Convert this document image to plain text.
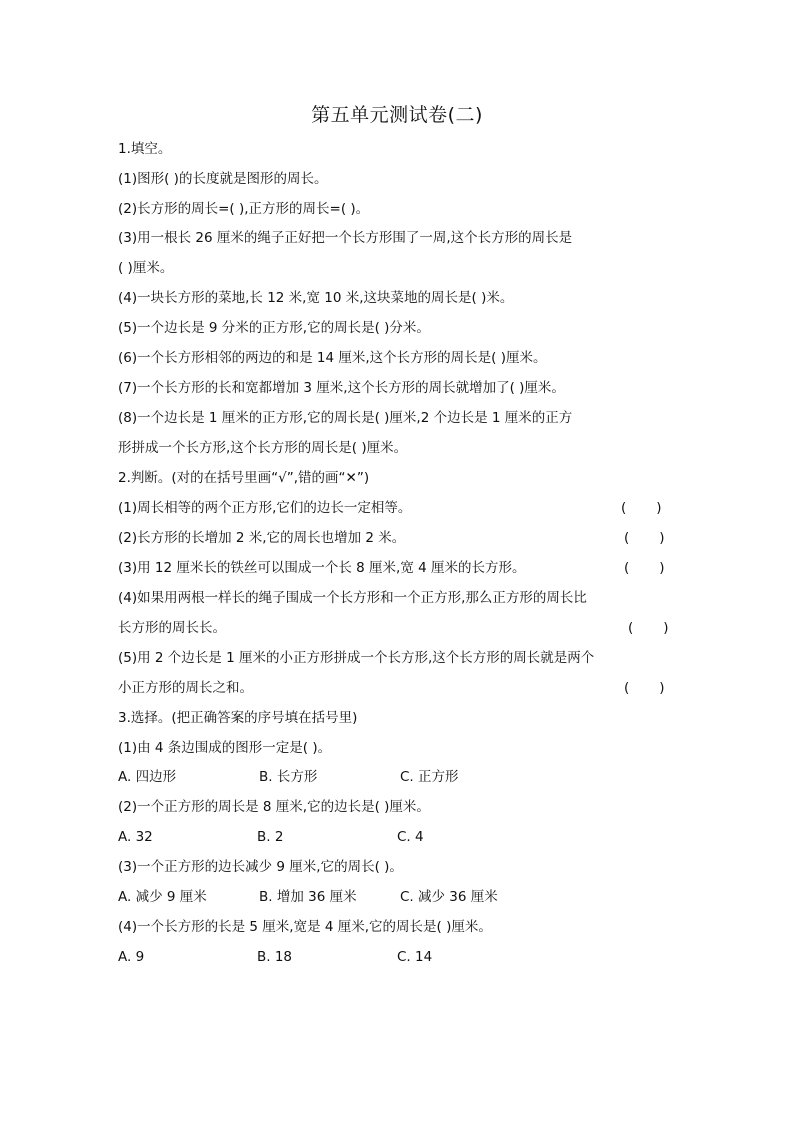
第五单元测试卷(二)
1.填空。
(1)图形( )的长度就是图形的周长。
(2)长方形的周长=( ),正方形的周长=( )。
(3)用一根长 26 厘米的绳子正好把一个长方形围了一周,这个长方形的周长是
( )厘米。
(4)一块长方形的菜地,长 12 米,宽 10 米,这块菜地的周长是( )米。
(5)一个边长是 9 分米的正方形,它的周长是( )分米。
(6)一个长方形相邻的两边的和是 14 厘米,这个长方形的周长是( )厘米。
(7)一个长方形的长和宽都增加 3 厘米,这个长方形的周长就增加了( )厘米。
(8)一个边长是 1 厘米的正方形,它的周长是( )厘米,2 个边长是 1 厘米的正方
形拼成一个长方形,这个长方形的周长是( )厘米。
2.判断。(对的在括号里画“√”,错的画“✕”)
(1)周长相等的两个正方形,它们的边长一定相等。	(       )
(2)长方形的长增加 2 米,它的周长也增加 2 米。	(       )
(3)用 12 厘米长的铁丝可以围成一个长 8 厘米,宽 4 厘米的长方形。	(       )
(4)如果用两根一样长的绳子围成一个长方形和一个正方形,那么正方形的周长比
长方形的周长长。	(       )
(5)用 2 个边长是 1 厘米的小正方形拼成一个长方形,这个长方形的周长就是两个
小正方形的周长之和。	(       )
3.选择。(把正确答案的序号填在括号里)
(1)由 4 条边围成的图形一定是( )。
A. 四边形	B. 长方形	C. 正方形
(2)一个正方形的周长是 8 厘米,它的边长是( )厘米。
A. 32	B. 2	C. 4
(3)一个正方形的边长减少 9 厘米,它的周长( )。
A. 减少 9 厘米	B. 增加 36 厘米	C. 减少 36 厘米
(4)一个长方形的长是 5 厘米,宽是 4 厘米,它的周长是( )厘米。
A. 9	B. 18	C. 14
